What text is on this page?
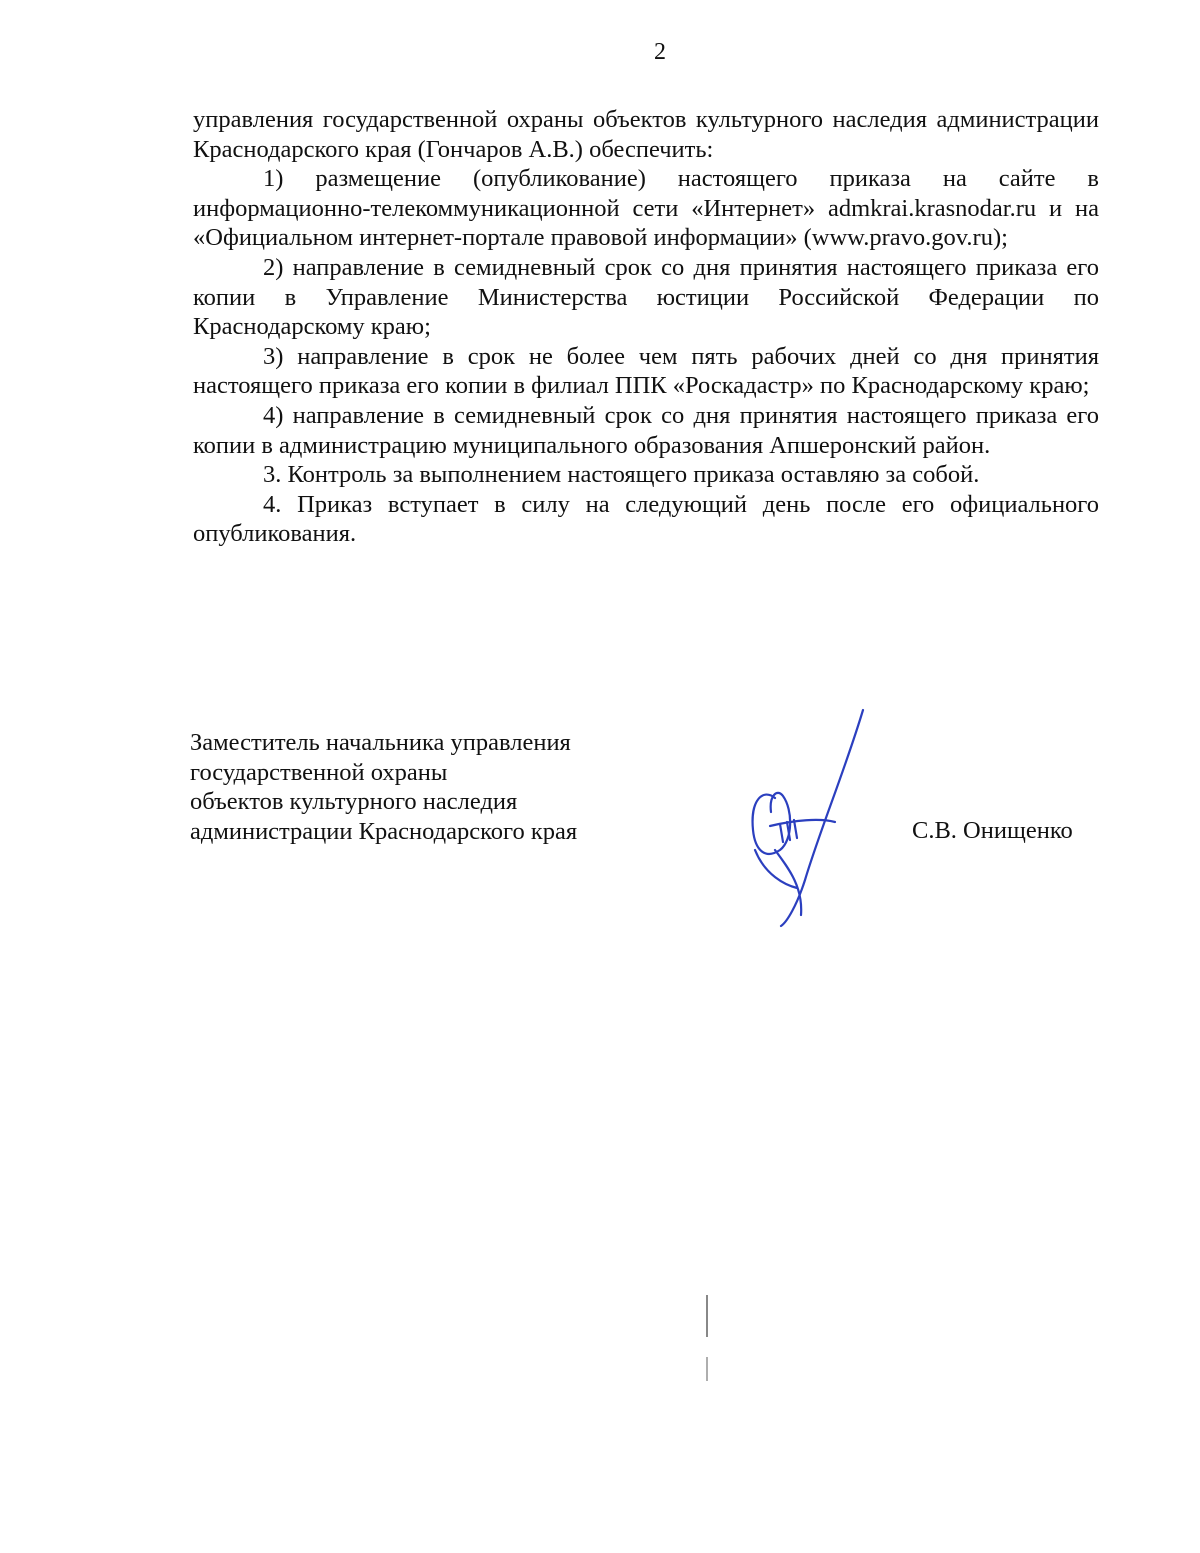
2

управления государственной охраны объектов культурного наследия администрации Краснодарского края (Гончаров А.В.) обеспечить:

1) размещение (опубликование) настоящего приказа на сайте в информационно-телекоммуникационной сети «Интернет» admkrai.krasnodar.ru и на «Официальном интернет-портале правовой информации» (www.pravo.gov.ru);

2) направление в семидневный срок со дня принятия настоящего приказа его копии в Управление Министерства юстиции Российской Федерации по Краснодарскому краю;

3) направление в срок не более чем пять рабочих дней со дня принятия настоящего приказа его копии в филиал ППК «Роскадастр» по Краснодарскому краю;

4) направление в семидневный срок со дня принятия настоящего приказа его копии в администрацию муниципального образования Апшеронский район.

3. Контроль за выполнением настоящего приказа оставляю за собой.

4. Приказ вступает в силу на следующий день после его официального опубликования.

Заместитель начальника управления
государственной охраны
объектов культурного наследия
администрации Краснодарского края	С.В. Онищенко
